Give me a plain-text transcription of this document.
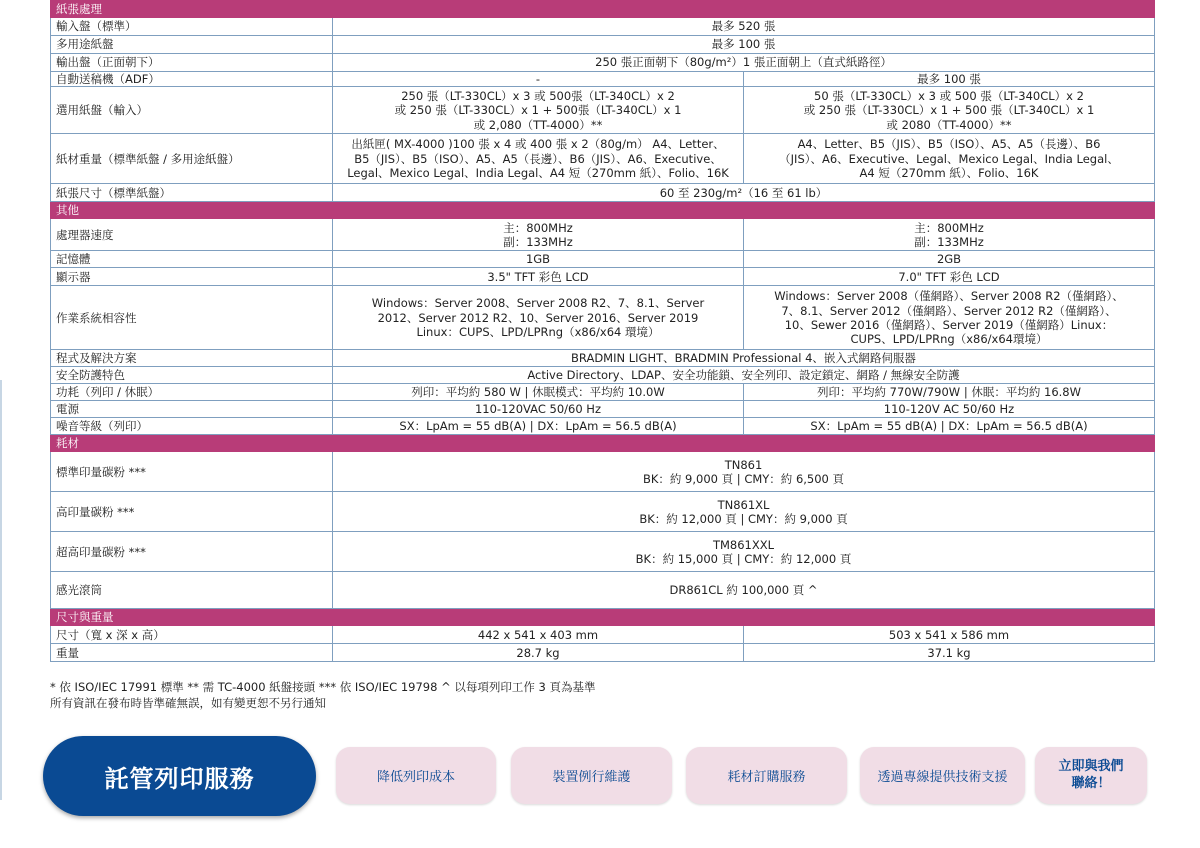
紙張處理		
輸入盤（標準）	最多 520 張	
多用途紙盤	最多 100 張	
輸出盤（正面朝下）	250 張正面朝下（80g/m²）1 張正面朝上（直式紙路徑）	
自動送稿機（ADF）	-	最多 100 張

選用紙盤（輸入）	250 張（LT-330CL）x 3 或 500張（LT-340CL）x 2
或 250 張（LT-330CL）x 1 + 500張（LT-340CL）x 1
或 2,080（TT-4000）**	50 張（LT-330CL）x 3 或 500 張（LT-340CL）x 2
或 250 張（LT-330CL）x 1 + 500 張（LT-340CL）x 1
或 2080（TT-4000）**

紙材重量（標準紙盤 / 多用途紙盤）	出紙匣( MX-4000 )100 張 x 4 或 400 張 x 2（80g/m） A4、Letter、
B5（JIS）、B5（ISO）、A5、A5（長邊）、B6（JIS）、A6、Executive、
Legal、Mexico Legal、India Legal、A4 短（270mm 紙）、Folio、16K	A4、Letter、B5（JIS）、B5（ISO）、A5、A5（長邊）、B6
（JIS）、A6、Executive、Legal、Mexico Legal、India Legal、
A4 短（270mm 紙）、Folio、16K

紙張尺寸（標準紙盤）	60 至 230g/m²（16 至 61 lb）	
其他		
處理器速度	主：800MHz
副：133MHz	主：800MHz
副：133MHz

記憶體	1GB	2GB

顯示器	3.5" TFT 彩色 LCD	7.0" TFT 彩色 LCD

作業系統相容性	Windows：Server 2008、Server 2008 R2、7、8.1、Server
2012、Server 2012 R2、10、Server 2016、Server 2019
Linux：CUPS、LPD/LPRng（x86/x64 環境）	Windows：Server 2008（僅網路）、Server 2008 R2（僅網路）、
7、8.1、Server 2012（僅網路）、Server 2012 R2（僅網路）、
10、Sewer 2016（僅網路）、Server 2019（僅網路）Linux：
CUPS、LPD/LPRng（x86/x64環境）

程式及解決方案	BRADMIN LIGHT、BRADMIN Professional 4、嵌入式網路伺服器	
安全防護特色	Active Directory、LDAP、安全功能鎖、安全列印、設定鎖定、網路 / 無線安全防護	
功耗（列印 / 休眠）	列印：平均約 580 W | 休眠模式：平均約 10.0W	列印：平均約 770W/790W | 休眠：平均約 16.8W

電源	110-120VAC 50/60 Hz	110-120V AC 50/60 Hz

噪音等級（列印）	SX：LpAm = 55 dB(A) | DX：LpAm = 56.5 dB(A)	SX：LpAm = 55 dB(A) | DX：LpAm = 56.5 dB(A)

耗材		
標準印量碳粉 ***	TN861
BK：約 9,000 頁 | CMY：約 6,500 頁	

高印量碳粉 ***	TN861XL
BK：約 12,000 頁 | CMY：約 9,000 頁	

超高印量碳粉 ***	TM861XXL
BK：約 15,000 頁 | CMY：約 12,000 頁	

感光滾筒	DR861CL 約 100,000 頁 ^	

尺寸與重量		
尺寸（寬 x 深 x 高）	442 x 541 x 403 mm	503 x 541 x 586 mm

重量	28.7 kg	37.1 kg
* 依 ISO/IEC 17991 標準 ** 需 TC-4000 紙盤接頭 *** 依 ISO/IEC 19798 ^ 以每項列印工作 3 頁為基準
所有資訊在發布時皆準確無誤，如有變更恕不另行通知
託管列印服務	降低列印成本	裝置例行維護	耗材訂購服務	透過專線提供技術支援
立即與我們
聯絡！
